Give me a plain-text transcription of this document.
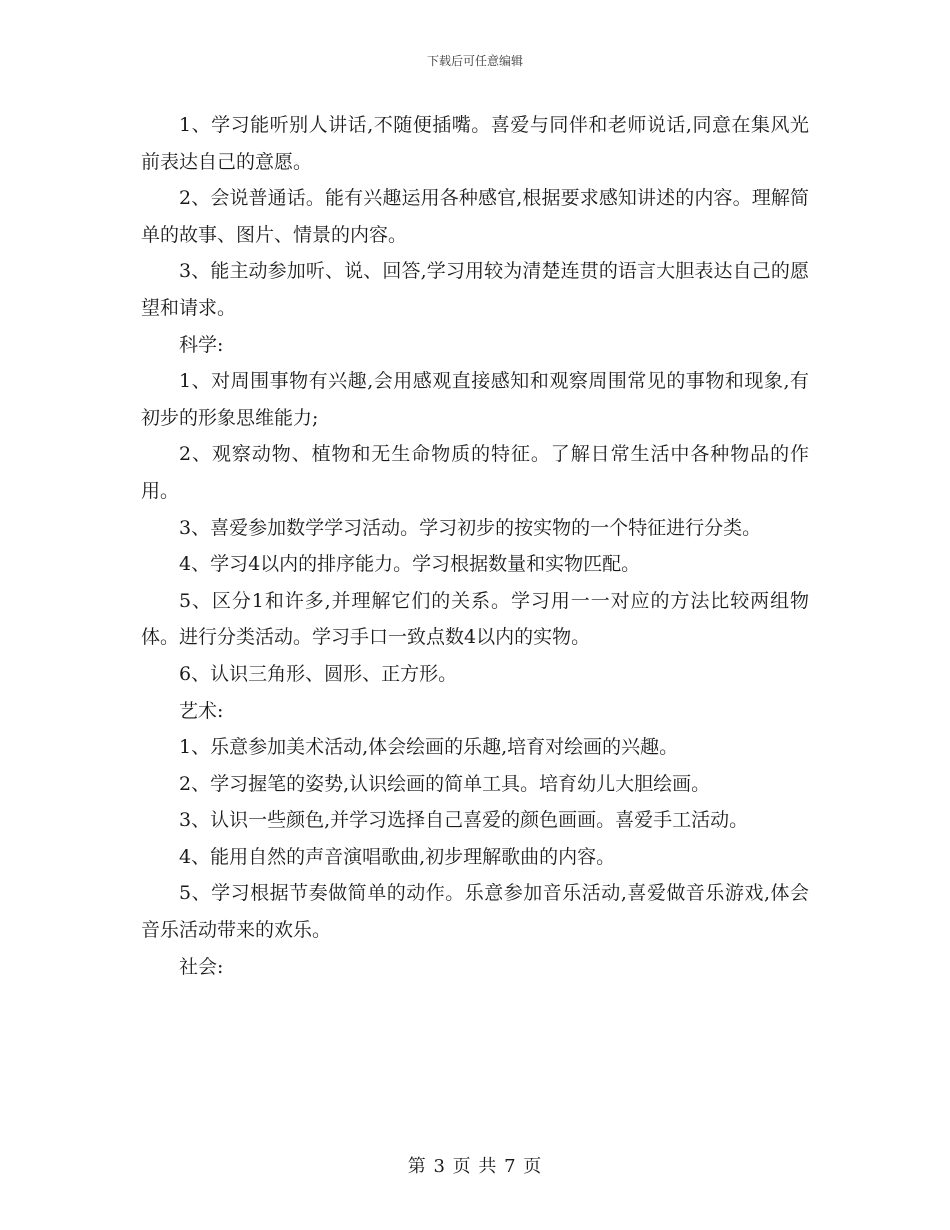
下载后可任意编辑

1、学习能听别人讲话,不随便插嘴。喜爱与同伴和老师说话,同意在集风光前表达自己的意愿。

2、会说普通话。能有兴趣运用各种感官,根据要求感知讲述的内容。理解简单的故事、图片、情景的内容。

3、能主动参加听、说、回答,学习用较为清楚连贯的语言大胆表达自己的愿望和请求。

科学:

1、对周围事物有兴趣,会用感观直接感知和观察周围常见的事物和现象,有初步的形象思维能力;

2、观察动物、植物和无生命物质的特征。了解日常生活中各种物品的作用。

3、喜爱参加数学学习活动。学习初步的按实物的一个特征进行分类。

4、学习4以内的排序能力。学习根据数量和实物匹配。

5、区分1和许多,并理解它们的关系。学习用一一对应的方法比较两组物体。进行分类活动。学习手口一致点数4以内的实物。

6、认识三角形、圆形、正方形。

艺术:

1、乐意参加美术活动,体会绘画的乐趣,培育对绘画的兴趣。

2、学习握笔的姿势,认识绘画的简单工具。培育幼儿大胆绘画。

3、认识一些颜色,并学习选择自己喜爱的颜色画画。喜爱手工活动。

4、能用自然的声音演唱歌曲,初步理解歌曲的内容。

5、学习根据节奏做简单的动作。乐意参加音乐活动,喜爱做音乐游戏,体会音乐活动带来的欢乐。

社会:

第 3 页 共 7 页
